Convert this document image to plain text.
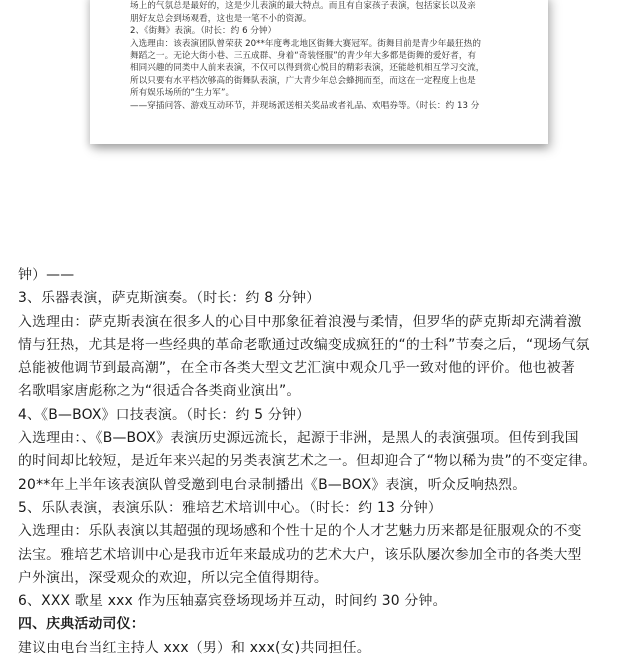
场上的气氛总是最好的，这是少儿表演的最大特点。而且有自家孩子表演，包括家长以及亲
朋好友总会到场观看，这也是一笔不小的资源。
2、《街舞》表演。（时长：约 6 分钟）
入选理由：该表演团队曾荣获 20**年度粤北地区街舞大赛冠军。街舞目前是青少年最狂热的
舞蹈之一。无论大街小巷、三五成群、身着“奇装怪服”的青少年大多都是街舞的爱好者，有
相同兴趣的同类中人前来表演，不仅可以得到赏心悦目的精彩表演，还能趁机相互学习交流，
所以只要有水平档次够高的街舞队表演，广大青少年总会蜂拥而至，而这在一定程度上也是
所有娱乐场所的“生力军”。
——穿插问答、游戏互动环节，并现场派送相关奖品或者礼品、欢唱券等。（时长：约 13 分
钟）——
3、乐器表演，萨克斯演奏。（时长：约 8 分钟）
入选理由：萨克斯表演在很多人的心目中那象征着浪漫与柔情，但罗华的萨克斯却充满着激
情与狂热，尤其是将一些经典的革命老歌通过改编变成疯狂的“的士科”节奏之后，“现场气氛
总能被他调节到最高潮”，在全市各类大型文艺汇演中观众几乎一致对他的评价。他也被著
名歌唱家唐彪称之为“很适合各类商业演出”。
4、《B—BOX》口技表演。（时长：约 5 分钟）
入选理由：、《B—BOX》表演历史源远流长，起源于非洲，是黑人的表演强项。但传到我国
的时间却比较短，是近年来兴起的另类表演艺术之一。但却迎合了“物以稀为贵”的不变定律。
20**年上半年该表演队曾受邀到电台录制播出《B—BOX》表演，听众反响热烈。
5、乐队表演，表演乐队：雅培艺术培训中心。（时长：约 13 分钟）
入选理由：乐队表演以其超强的现场感和个性十足的个人才艺魅力历来都是征服观众的不变
法宝。雅培艺术培训中心是我市近年来最成功的艺术大户，该乐队屡次参加全市的各类大型
户外演出，深受观众的欢迎，所以完全值得期待。
6、XXX 歌星 xxx 作为压轴嘉宾登场现场并互动，时间约 30 分钟。
四、庆典活动司仪：
建议由电台当红主持人 xxx（男）和 xxx(女)共同担任。
